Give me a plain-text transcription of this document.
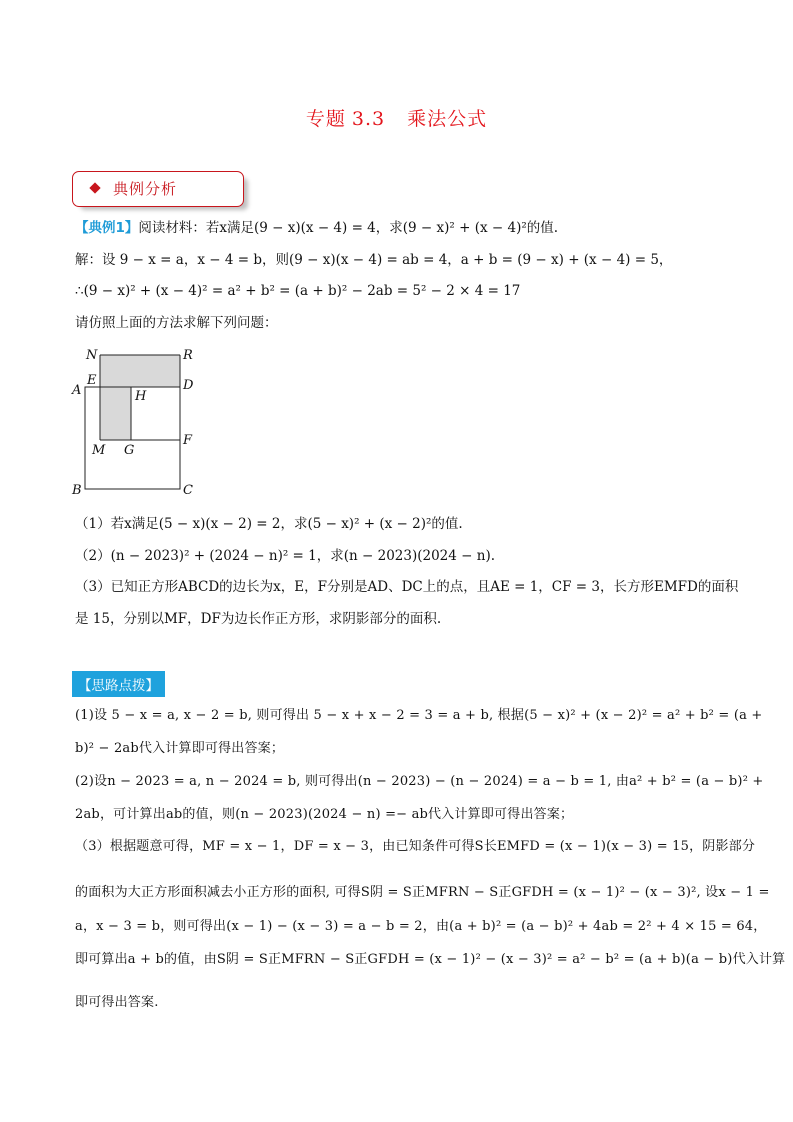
专题 3.3 乘法公式
典例分析
【典例1】阅读材料：若x满足(9 − x)(x − 4) = 4，求(9 − x)² + (x − 4)²的值.
解：设 9 − x = a，x − 4 = b，则(9 − x)(x − 4) = ab = 4，a + b = (9 − x) + (x − 4) = 5，
∴(9 − x)² + (x − 4)² = a² + b² = (a + b)² − 2ab = 5² − 2 × 4 = 17
请仿照上面的方法求解下列问题：
N	R
E
A	D
H
M G
F
B	C
（1）若x满足(5 − x)(x − 2) = 2，求(5 − x)² + (x − 2)²的值.
（2）(n − 2023)² + (2024 − n)² = 1，求(n − 2023)(2024 − n).
（3）已知正方形ABCD的边长为x，E，F分别是AD、DC上的点，且AE = 1，CF = 3，长方形EMFD的面积
是 15，分别以MF，DF为边长作正方形，求阴影部分的面积.
【思路点拨】
(1)设 5 − x = a, x − 2 = b, 则可得出 5 − x + x − 2 = 3 = a + b, 根据(5 − x)² + (x − 2)² = a² + b² = (a +
b)² − 2ab代入计算即可得出答案；
(2)设n − 2023 = a, n − 2024 = b, 则可得出(n − 2023) − (n − 2024) = a − b = 1, 由a² + b² = (a − b)² +
2ab，可计算出ab的值，则(n − 2023)(2024 − n) =− ab代入计算即可得出答案；
（3）根据题意可得，MF = x − 1，DF = x − 3，由已知条件可得S长EMFD = (x − 1)(x − 3) = 15，阴影部分
的面积为大正方形面积减去小正方形的面积, 可得S阴 = S正MFRN − S正GFDH = (x − 1)² − (x − 3)², 设x − 1 =
a，x − 3 = b，则可得出(x − 1) − (x − 3) = a − b = 2，由(a + b)² = (a − b)² + 4ab = 2² + 4 × 15 = 64，
即可算出a + b的值，由S阴 = S正MFRN − S正GFDH = (x − 1)² − (x − 3)² = a² − b² = (a + b)(a − b)代入计算
即可得出答案.
